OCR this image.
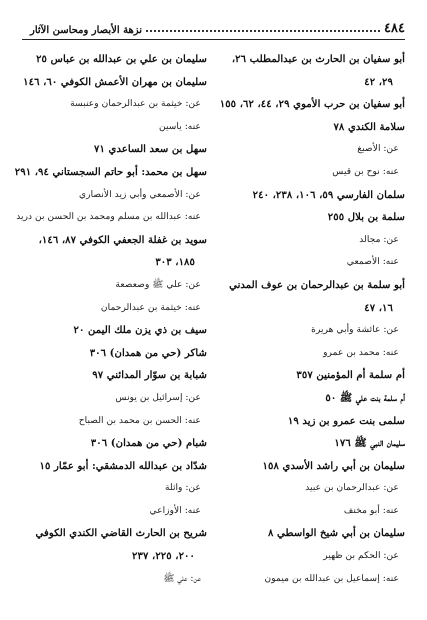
٤٨٤
نزهة الأبصار ومحاسن الآثار
أبو سفيان بن الحارث بن عبدالمطلب ٢٦،
٢٩، ٤٢
أبو سفيان بن حرب الأموي ٢٩، ٤٤، ٦٢، ١٥٥
سلامة الكندي ٧٨
عن: الأصبغ
عنه: نوح بن قيس
سلمان الفارسي ٥٩، ١٠٦، ٢٣٨، ٢٤٠
سلمة بن بلال ٢٥٥
عن: مجالد
عنه: الأصمعي
أبو سلمة بن عبدالرحمان بن عوف المدني
١٦، ٤٧
عن: عائشة وأبي هريرة
عنه: محمد بن عمرو
أم سلمة أم المؤمنين ٣٥٧
أم سلمة بنت علي ﷺ ٥٠
سلمى بنت عمرو بن زيد ١٩
سليمان النبي ﷺ ١٧٦
سليمان بن أبي راشد الأسدي ١٥٨
عن: عبدالرحمان بن عبيد
عنه: أبو مخنف
سليمان بن أبي شيخ الواسطي ٨
عن: الحكم بن ظهير
عنه: إسماعيل بن عبدالله بن ميمون
سليمان بن علي بن عبدالله بن عباس ٢٥
سليمان بن مهران الأعمش الكوفي ٦٠، ١٤٦
عن: خيثمة بن عبدالرحمان وعنبسة
عنه: ياسين
سهل بن سعد الساعدي ٧١
سهل بن محمد: أبو حاتم السجستاني ٩٤، ٢٩١
عن: الأصمعي وأبي زيد الأنصاري
عنه: عبدالله بن مسلم ومحمد بن الحسن بن دريد
سويد بن غفلة الجعفي الكوفي ٨٧، ١٤٦،
١٨٥، ٣٠٣
عن: علي ﷺ وصعصعة
عنه: خيثمة بن عبدالرحمان
سيف بن ذي يزن ملك اليمن ٢٠
شاكر (حي من همدان) ٣٠٦
شبابة بن سوّار المدائني ٩٧
عن: إسرائيل بن يونس
عنه: الحسن بن محمد بن الصباح
شبام (حي من همدان) ٣٠٦
شدّاد بن عبدالله الدمشقي: أبو عمّار ١٥
عن: واثلة
عنه: الأوزاعي
شريح بن الحارث القاضي الكندي الكوفي
٢٠٠، ٢٢٥، ٢٣٧
عن: علي ﷺ
